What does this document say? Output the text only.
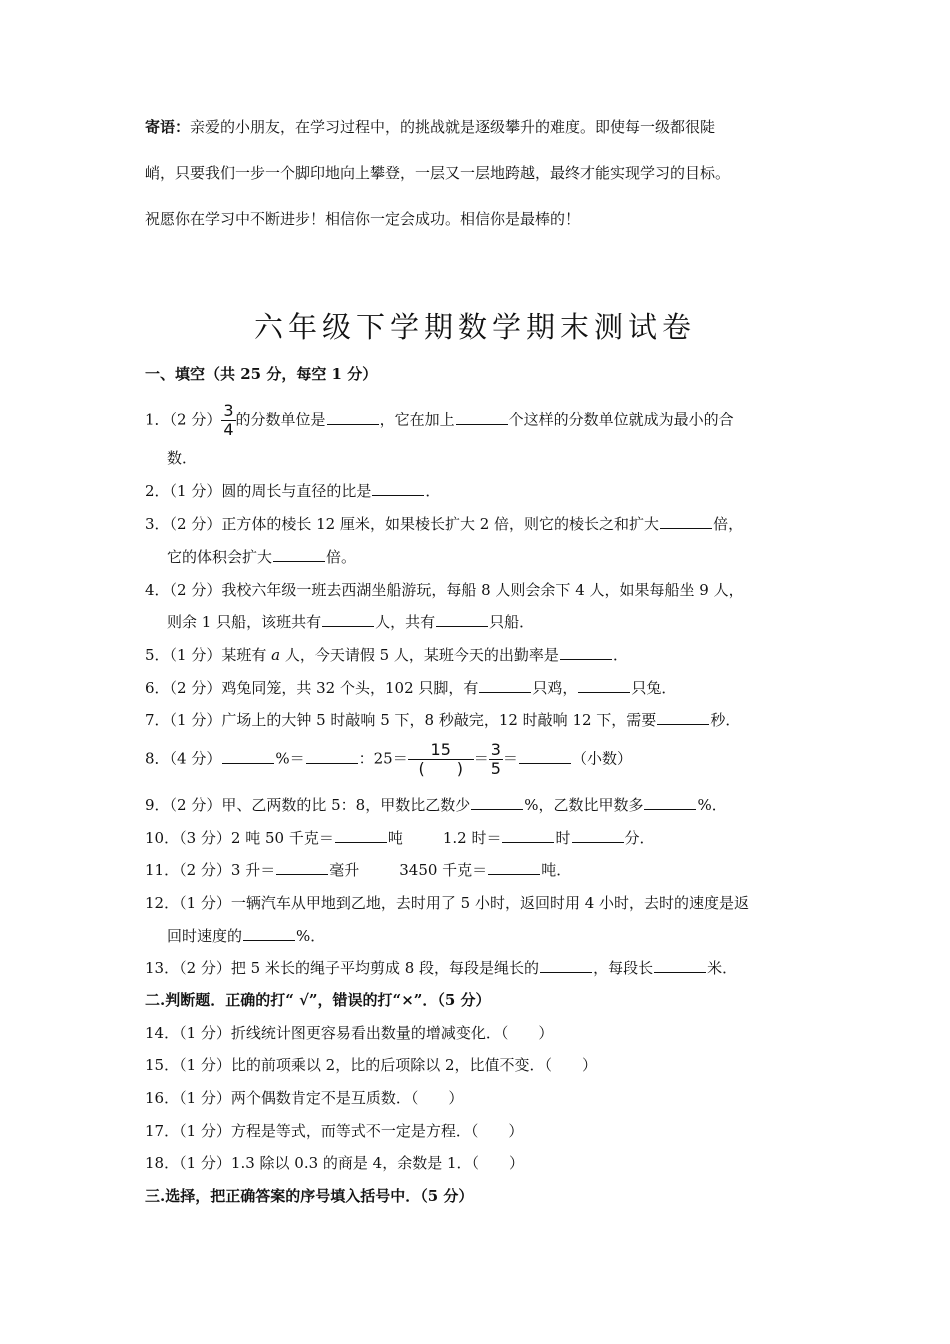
寄语：亲爱的小朋友，在学习过程中，的挑战就是逐级攀升的难度。即使每一级都很陡
峭，只要我们一步一个脚印地向上攀登，一层又一层地跨越，最终才能实现学习的目标。
祝愿你在学习中不断进步！相信你一定会成功。相信你是最棒的！
六年级下学期数学期末测试卷
一、填空（共 25 分，每空 1 分）
1．（2 分） $\frac{3}{4}$ 的分数单位是	，它在加上	个这样的分数单位就成为最小的合
数．
2．（1 分）圆的周长与直径的比是	．
3．（2 分）正方体的棱长 12 厘米，如果棱长扩大 2 倍，则它的棱长之和扩大	倍，
它的体积会扩大	倍。
4．（2 分）我校六年级一班去西湖坐船游玩，每船 8 人则会余下 4 人，如果每船坐 9 人，
则余 1 只船，该班共有	人，共有	只船．
5．（1 分）某班有 a 人，今天请假 5 人，某班今天的出勤率是	．
6．（2 分）鸡兔同笼，共 32 个头，102 只脚，有	只鸡，	只兔．
7．（1 分）广场上的大钟 5 时敲响 5 下，8 秒敲完，12 时敲响 12 下，需要	秒．
8．（4 分）	%＝	：$25= \frac{15}{( )} = \frac{3}{5}$ ＝	（小数）
9．（2 分）甲、乙两数的比 5：8，甲数比乙数少	%，乙数比甲数多	%．
10．（3 分）2 吨 50 千克＝	吨	1.2 时＝	时	分．
11．（2 分）3 升＝	毫升	3450 千克＝	吨．
12．（1 分）一辆汽车从甲地到乙地，去时用了 5 小时，返回时用 4 小时，去时的速度是返
回时速度的	%．
13．（2 分）把 5 米长的绳子平均剪成 8 段，每段是绳长的	，每段长	米．
二.判断题．正确的打“ √”，错误的打“×”．（5 分）
14．（1 分）折线统计图更容易看出数量的增减变化．（　　）
15．（1 分）比的前项乘以 2，比的后项除以 2，比值不变．（　　）
16．（1 分）两个偶数肯定不是互质数．（　　）
17．（1 分）方程是等式，而等式不一定是方程．（　　）
18．（1 分）1.3 除以 0.3 的商是 4，余数是 1．（　　）
三.选择，把正确答案的序号填入括号中．（5 分）
